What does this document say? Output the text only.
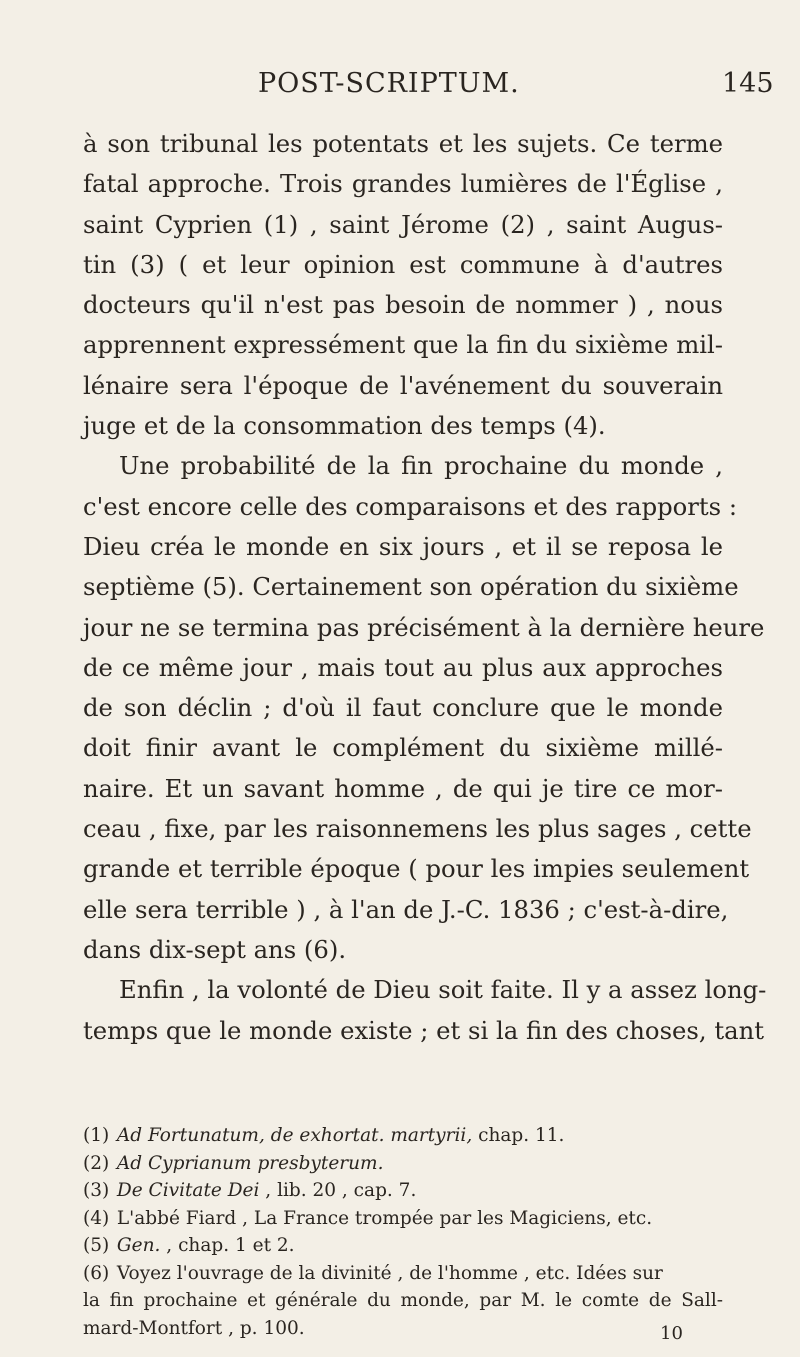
POST-SCRIPTUM.	145
à son tribunal les potentats et les sujets. Ce terme
fatal approche. Trois grandes lumières de l'Église ,
saint Cyprien (1) , saint Jérome (2) , saint Augus-
tin (3) ( et leur opinion est commune à d'autres
docteurs qu'il n'est pas besoin de nommer ) , nous
apprennent expressément que la fin du sixième mil-
lénaire sera l'époque de l'avénement du souverain
juge et de la consommation des temps (4).
Une probabilité de la fin prochaine du monde ,
c'est encore celle des comparaisons et des rapports :
Dieu créa le monde en six jours , et il se reposa le
septième (5). Certainement son opération du sixième
jour ne se termina pas précisément à la dernière heure
de ce même jour , mais tout au plus aux approches
de son déclin ; d'où il faut conclure que le monde
doit finir avant le complément du sixième millé-
naire. Et un savant homme , de qui je tire ce mor-
ceau , fixe, par les raisonnemens les plus sages , cette
grande et terrible époque ( pour les impies seulement
elle sera terrible ) , à l'an de J.-C. 1836 ; c'est-à-dire,
dans dix-sept ans (6).
Enfin , la volonté de Dieu soit faite. Il y a assez long-
temps que le monde existe ; et si la fin des choses, tant
(1) Ad Fortunatum, de exhortat. martyrii, chap. 11.
(2) Ad Cyprianum presbyterum.
(3) De Civitate Dei , lib. 20 , cap. 7.
(4) L'abbé Fiard , La France trompée par les Magiciens, etc.
(5) Gen. , chap. 1 et 2.
(6) Voyez l'ouvrage de la divinité , de l'homme , etc. Idées sur
la fin prochaine et générale du monde, par M. le comte de Sall-
mard-Montfort , p. 100.	10
